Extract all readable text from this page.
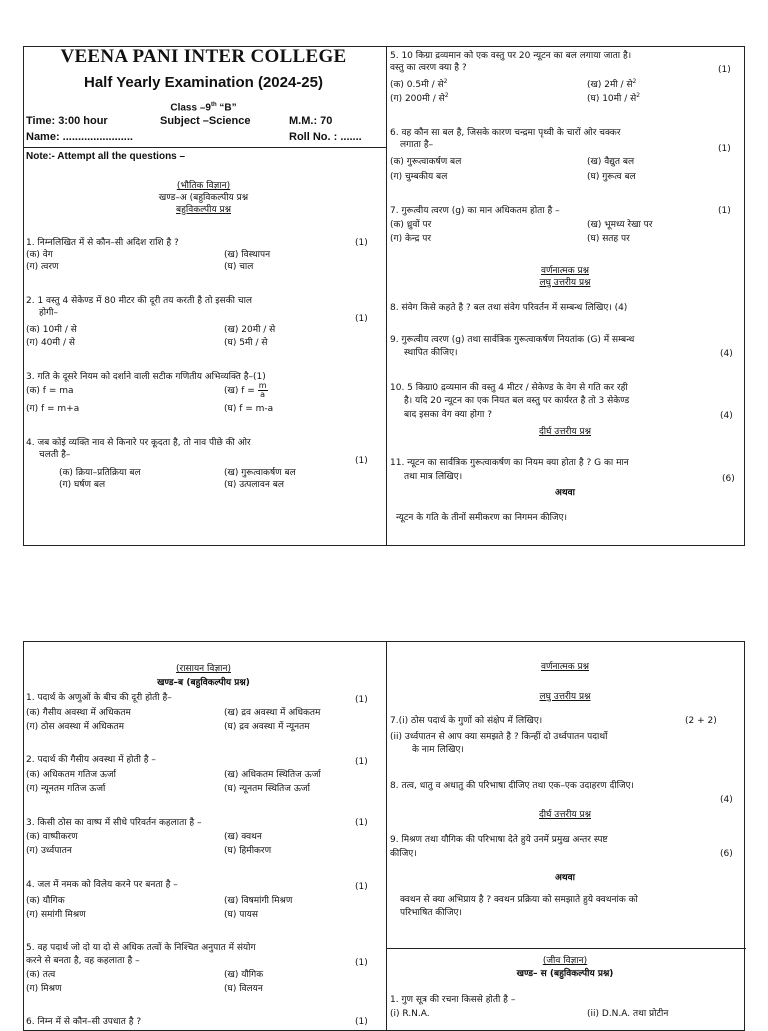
VEENA PANI INTER COLLEGE
Half Yearly Examination (2024-25)
Class –9th “B”
Time: 3:00 hour	Subject –Science	M.M.: 70
Name: .......................	Roll No. : .......
Note:- Attempt all the questions –
(भौतिक विज्ञान)
खण्ड–अ (बहुविकल्पीय प्रश्न
बहुविकल्पीय प्रश्न
1. निम्नलिखित में से कौन–सी अदिश राशि है ?	(1)
(क) वेग	(ख) विस्थापन
(ग) त्वरण	(घ) चाल
2. 1 वस्तु 4 सेकेण्ड में 80 मीटर की दूरी तय करती है तो इसकी चाल
होगी–
(1)
(क) 10मी / से	(ख) 20मी / से
(ग) 40मी / से	(घ) 5मी / से
3. गति के दूसरे नियम को दर्शाने वाली सटीक गणितीय अभिव्यक्ति है–(1)
(क) f = ma	(ख) $f = \frac{m}{a}$
(ग) f = m+a	(घ) f = m-a
4. जब कोई व्यक्ति नाव से किनारे पर कूदता है, तो नाव पीछे की ओर
चलती है–
(1)
(क) क्रिया–प्रतिक्रिया बल	(ख) गुरूत्वाकर्षण बल
(ग) घर्षण बल	(घ) उत्पलावन बल
5. 10 किग्रा द्रव्यमान को एक वस्तु पर 20 न्यूटन का बल लगाया जाता है।
वस्तु का त्वरण क्या है ?	(1)
(क) 0.5मी / से$^2$	(ख) 2मी / से$^2$
(ग) 200मी / से$^2$	(घ) 10मी / से$^2$
6. वह कौन सा बल है, जिसके कारण चन्द्रमा पृथ्वी के चारों ओर चक्कर
लगाता है–	(1)
(क) गुरूत्वाकर्षण बल	(ख) वैद्युत बल
(ग) चुम्बकीय बल	(घ) गुरूत्व बल
7. गुरूत्वीय त्वरण (g) का मान अधिकतम होता है –	(1)
(क) ध्रुवों पर	(ख) भूमध्य रेखा पर
(ग) केन्द्र पर	(घ) सतह पर
वर्णनात्मक प्रश्न
लघु उत्तरीय प्रश्न
8. संवेग किसे कहते है ? बल तथा संवेग परिवर्तन में सम्बन्ध लिखिए। (4)
9. गुरूत्वीय त्वरण (g) तथा सार्वत्रिक गुरूत्वाकर्षण नियतांक (G) में सम्बन्ध
स्थापित कीजिए।	(4)
10. 5 किग्रा0 द्रव्यमान की वस्तु 4 मीटर / सेकेण्ड के वेग से गति कर रही
है। यदि 20 न्यूटन का एक नियत बल वस्तु पर कार्यरत है तो 3 सेकेण्ड
बाद इसका वेग क्या होगा ?	(4)
दीर्घ उत्तरीय प्रश्न
11. न्यूटन का सार्वत्रिक गुरूत्वाकर्षण का नियम क्या होता है ? G का मान
तथा मात्र लिखिए।	(6)
अथवा
न्यूटन के गति के तीनों समीकरण का निगमन कीजिए।
(रासायन विज्ञान)
खण्ड–ब (बहुविकल्पीय प्रश्न)
1. पदार्थ के अणुओं के बीच की दूरी होती है–	(1)
(क) गैसीय अवस्था में अधिकतम	(ख) द्रव अवस्था में अधिकतम
(ग) ठोस अवस्था में अधिकतम	(घ) द्रव अवस्था में न्यूनतम
2. पदार्थ की गैसीय अवस्था में होती है –	(1)
(क) अधिकतम गतिज ऊर्जा	(ख) अधिकतम स्थितिज ऊर्जा
(ग) न्यूनतम गतिज ऊर्जा	(घ) न्यूनतम स्थितिज ऊर्जा
3. किसी ठोस का वाष्प में सीधे परिवर्तन कहलाता है –	(1)
(क) वाष्पीकरण	(ख) क्वथन
(ग) उर्ध्वपातन	(घ) हिमीकरण
4. जल में नमक को विलेय करने पर बनता है –	(1)
(क) यौगिक	(ख) विषमांगी मिश्रण
(ग) समांगी मिश्रण	(घ) पायस
5. वह पदार्थ जो दो या दो से अधिक तत्वों के निश्चित अनुपात में संयोग
करने से बनता है, वह कहलाता है –	(1)
(क) तत्व	(ख) यौगिक
(ग) मिश्रण	(घ) विलयन
6. निम्न में से कौन–सी उपधात है ?	(1)
वर्णनात्मक प्रश्न
लघु उत्तरीय प्रश्न
7.(i) ठोस पदार्थ के गुणों को संक्षेप में लिखिए।	(2 + 2)
(ii) उर्ध्वपातन से आप क्या समझते है ? किन्हीं दो उर्ध्वपातन पदार्थो
के नाम लिखिए।
8. तत्व, धातु व अधातु की परिभाषा दीजिए तथा एक–एक उदाहरण दीजिए।
(4)
दीर्घ उत्तरीय प्रश्न
9. मिश्रण तथा यौगिक की परिभाषा देते हुये उनमें प्रमुख अन्तर स्पष्ट
कीजिए।	(6)
अथवा
क्वथन से क्या अभिप्राय है ? क्वथन प्रक्रिया को समझाते हुये क्वथनांक को
परिभाषित कीजिए।
(जीव विज्ञान)
खण्ड– स (बहुविकल्पीय प्रश्न)
1. गुण सूत्र की रचना किससे होती है –
(i) R.N.A.	(ii) D.N.A. तथा प्रोटीन
